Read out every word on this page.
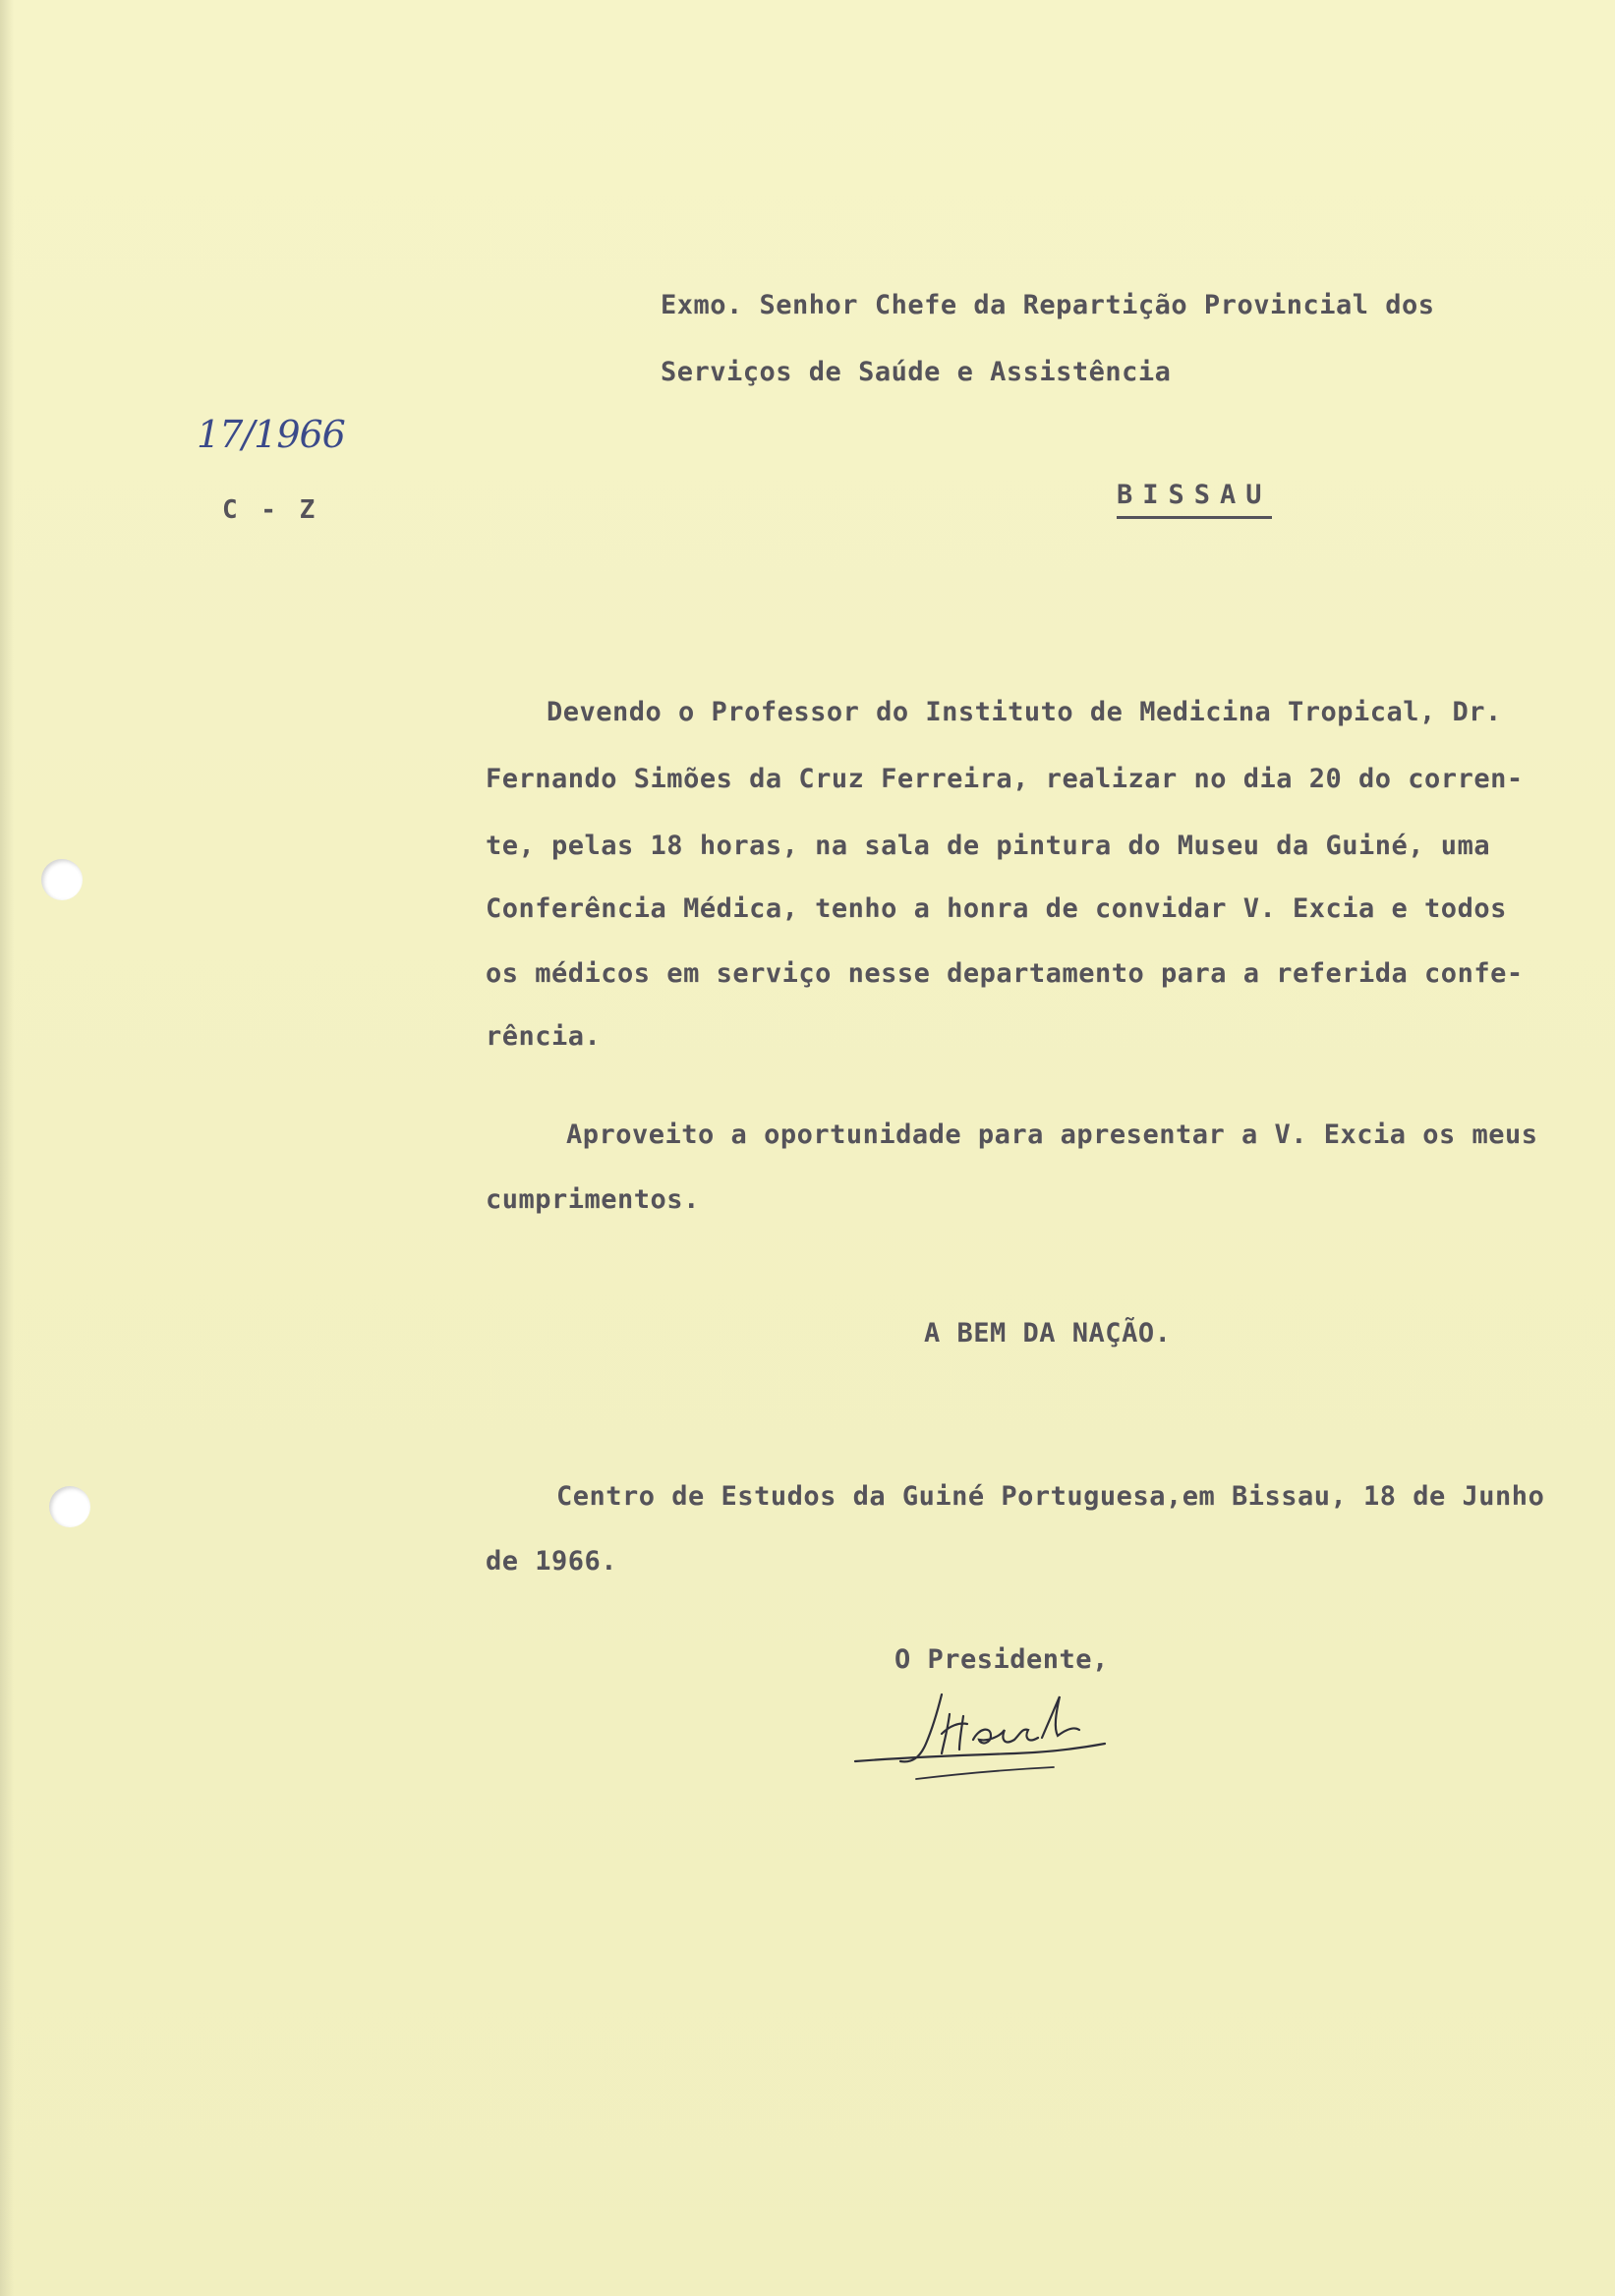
Exmo. Senhor Chefe da Repartição Provincial dos
Serviços de Saúde e Assistência
17/1966
C - Z	BISSAU
Devendo o Professor do Instituto de Medicina Tropical, Dr.
Fernando Simões da Cruz Ferreira, realizar no dia 20 do corren-
te, pelas 18 horas, na sala de pintura do Museu da Guiné, uma
Conferência Médica, tenho a honra de convidar V. Excia e todos
os médicos em serviço nesse departamento para a referida confe-
rência.
Aproveito a oportunidade para apresentar a V. Excia os meus
cumprimentos.
A BEM DA NAÇÃO.
Centro de Estudos da Guiné Portuguesa,em Bissau, 18 de Junho
de 1966.
O Presidente,
